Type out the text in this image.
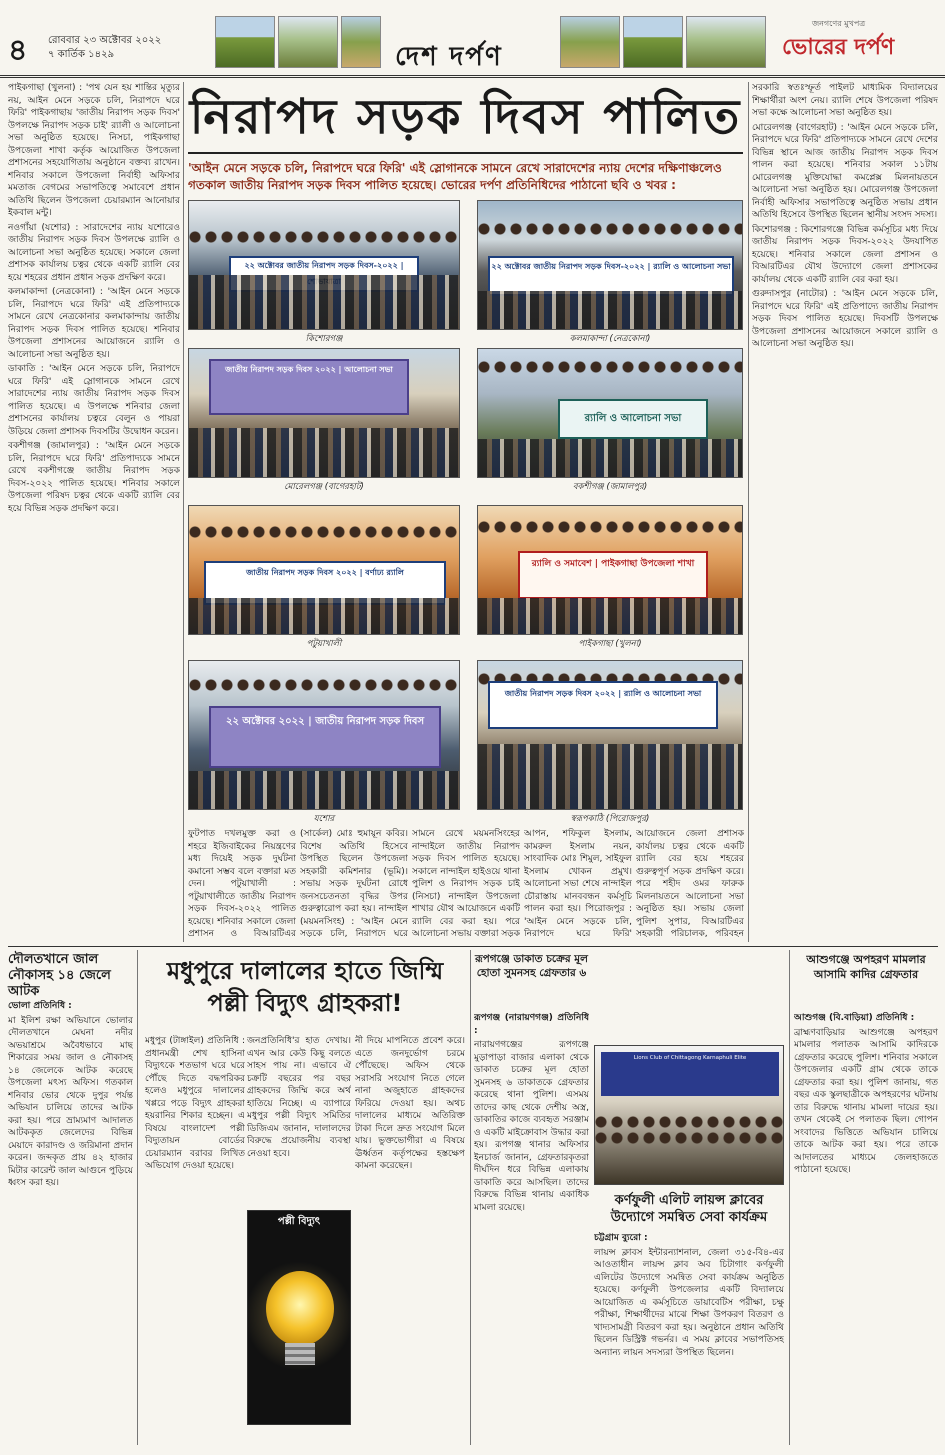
৪ রোববার ২৩ অক্টোবর ২০২২
৭ কার্তিক ১৪২৯	দেশ দর্পণ
জনগণের মুখপত্র
ভোরের দর্পণ
নিরাপদ সড়ক দিবস পালিত
'আইন মেনে সড়কে চলি, নিরাপদে ঘরে ফিরি' এই স্লোগানকে সামনে রেখে সারাদেশের ন্যায় দেশের দক্ষিণাঞ্চলেও গতকাল জাতীয় নিরাপদ সড়ক দিবস পালিত হয়েছে। ভোরের দর্পণ প্রতিনিধিদের পাঠানো ছবি ও খবর :

পাইকগাছা (খুলনা) : 'পথ যেন হয় শান্তির মৃত্যুর নয়, আইন মেনে সড়কে চলি, নিরাপদে ঘরে ফিরি' পাইকগাছায় 'জাতীয় নিরাপদ সড়ক দিবস' উপলক্ষে নিরাপদ সড়ক চাই' র‍্যালী ও আলোচনা সভা অনুষ্ঠিত হয়েছে। নিসচা, পাইকগাছা উপজেলা শাখা কর্তৃক আয়োজিত উপজেলা প্রশাসনের সহযোগিতায় অনুষ্ঠানে বক্তব্য রাখেন। শনিবার সকালে উপজেলা নির্বাহী অফিসার মমতাজ বেগমের সভাপতিত্বে সমাবেশে প্রধান অতিথি ছিলেন উপজেলা চেয়ারম্যান আনোয়ার ইকবাল মন্টু।

নওগাঁয়া (যশোর) : সারাদেশের ন্যায় যশোরেও জাতীয় নিরাপদ সড়ক দিবস উপলক্ষে র‍্যালি ও আলোচনা সভা অনুষ্ঠিত হয়েছে। সকালে জেলা প্রশাসক কার্যালয় চত্বর থেকে একটি র‍্যালি বের হয়ে শহরের প্রধান প্রধান সড়ক প্রদক্ষিণ করে।

কলমাকান্দা (নেত্রকোনা) : 'আইন মেনে সড়কে চলি, নিরাপদে ঘরে ফিরি' এই প্রতিপাদ্যকে সামনে রেখে নেত্রকোনার কলমাকান্দায় জাতীয় নিরাপদ সড়ক দিবস পালিত হয়েছে। শনিবার উপজেলা প্রশাসনের আয়োজনে র‍্যালি ও আলোচনা সভা অনুষ্ঠিত হয়।

ডাকাতি : 'আইন মেনে সড়কে চলি, নিরাপদে ঘরে ফিরি' এই স্লোগানকে সামনে রেখে সারাদেশের ন্যায় জাতীয় নিরাপদ সড়ক দিবস পালিত হয়েছে। এ উপলক্ষে শনিবার জেলা প্রশাসনের কার্যালয় চত্বরে বেলুন ও পায়রা উড়িয়ে জেলা প্রশাসক দিবসটির উদ্বোধন করেন।

বকশীগঞ্জ (জামালপুর) : 'আইন মেনে সড়কে চলি, নিরাপদে ঘরে ফিরি' প্রতিপাদ্যকে সামনে রেখে বকশীগঞ্জে জাতীয় নিরাপদ সড়ক দিবস-২০২২ পালিত হয়েছে। শনিবার সকালে উপজেলা পরিষদ চত্বর থেকে একটি র‍্যালি বের হয়ে বিভিন্ন সড়ক প্রদক্ষিণ করে।

সরকারি স্বতঃস্ফূর্ত পাইলট মাধ্যমিক বিদ্যালয়ের শিক্ষার্থীরা অংশ নেয়। র‍্যালি শেষে উপজেলা পরিষদ সভা কক্ষে আলোচনা সভা অনুষ্ঠিত হয়।

মোরেলগঞ্জ (বাগেরহাট) : 'আইন মেনে সড়কে চলি, নিরাপদে ঘরে ফিরি' প্রতিপাদ্যকে সামনে রেখে দেশের বিভিন্ন স্থানে আজ জাতীয় নিরাপদ সড়ক দিবস পালন করা হয়েছে। শনিবার সকাল ১১টায় মোরেলগঞ্জ মুক্তিযোদ্ধা কমপ্লেক্স মিলনায়তনে আলোচনা সভা অনুষ্ঠিত হয়। মোরেলগঞ্জ উপজেলা নির্বাহী অফিসার সভাপতিত্বে অনুষ্ঠিত সভায় প্রধান অতিথি হিসেবে উপস্থিত ছিলেন স্থানীয় সংসদ সদস্য।

কিশোরগঞ্জ : কিশোরগঞ্জে বিভিন্ন কর্মসূচির মধ্য দিয়ে জাতীয় নিরাপদ সড়ক দিবস-২০২২ উদযাপিত হয়েছে। শনিবার সকালে জেলা প্রশাসন ও বিআরটিএর যৌথ উদ্যোগে জেলা প্রশাসকের কার্যালয় থেকে একটি র‍্যালি বের করা হয়।

গুরুদাসপুর (নাটোর) : 'আইন মেনে সড়কে চলি, নিরাপদে ঘরে ফিরি' এই প্রতিপাদ্যে জাতীয় নিরাপদ সড়ক দিবস পালিত হয়েছে। দিবসটি উপলক্ষে উপজেলা প্রশাসনের আয়োজনে সকালে র‍্যালি ও আলোচনা সভা অনুষ্ঠিত হয়।

২২ অক্টোবর জাতীয় নিরাপদ সড়ক দিবস-২০২২ |
কিশোরগঞ্জ
২২ অক্টোবর জাতীয় নিরাপদ সড়ক দিবস-২০২২ | র‍্যালি ও আলোচনা সভা
কলমাকান্দা (নেত্রকোনা)
জাতীয় নিরাপদ সড়ক দিবস ২০২২ | আলোচনা সভা
মোরেলগঞ্জ (বাগেরহাট)
র‍্যালি ও আলোচনা সভা
বকশীগঞ্জ (জামালপুর)
জাতীয় নিরাপদ সড়ক দিবস ২০২২ | বর্ণাঢ্য র‍্যালি
পটুয়াখালী
র‍্যালি ও সমাবেশ | পাইকগাছা উপজেলা শাখা
পাইকগাছা (খুলনা)
২২ অক্টোবর ২০২২ | জাতীয় নিরাপদ সড়ক দিবস
যশোর
জাতীয় নিরাপদ সড়ক দিবস ২০২২ | র‍্যালি ও আলোচনা সভা
স্বরূপকাঠি (পিরোজপুর)
ফুটপাত দখলমুক্ত করা ও শহরে ইজিবাইকের নিয়ন্ত্রণের মধ্য দিয়েই সড়ক দুর্ঘটনা কমানো সম্ভব বলে বক্তারা মত দেন। পটুয়াখালী : পটুয়াখালীতে জাতীয় নিরাপদ সড়ক দিবস-২০২২ পালিত হয়েছে। শনিবার সকালে জেলা প্রশাসন ও বিআরটিএর
(সার্কেল) মোঃ হুমায়ূন কবির। বিশেষ অতিথি হিসেবে উপস্থিত ছিলেন উপজেলা সহকারী কমিশনার (ভূমি)। সভায় সড়ক দুর্ঘটনা রোধে জনসচেতনতা বৃদ্ধির উপর গুরুত্বারোপ করা হয়। নান্দাইল (ময়মনসিংহ) : 'আইন মেনে সড়কে চলি, নিরাপদে ঘরে
সামনে রেখে ময়মনসিংহের নান্দাইলে জাতীয় নিরাপদ সড়ক দিবস পালিত হয়েছে। সকালে নান্দাইল হাইওয়ে থানা পুলিশ ও নিরাপদ সড়ক চাই (নিসচা) নান্দাইল উপজেলা শাখার যৌথ আয়োজনে একটি র‍্যালি বের করা হয়। পরে আলোচনা সভায় বক্তারা সড়ক
আপন, শফিকুল ইসলাম, কামরুল ইসলাম নয়ন, সাংবাদিক মোঃ শিমুল, সাইফুল ইসলাম খোকন প্রমুখ। আলোচনা সভা শেষে নান্দাইল চৌরাস্তায় মানববন্ধন কর্মসূচি পালন করা হয়। পিরোজপুর : 'আইন মেনে সড়কে চলি, নিরাপদে ঘরে ফিরি'
আয়োজনে জেলা প্রশাসক কার্যালয় চত্বর থেকে একটি র‍্যালি বের হয়ে শহরের গুরুত্বপূর্ণ সড়ক প্রদক্ষিণ করে। পরে শহীদ ওমর ফারুক মিলনায়তনে আলোচনা সভা অনুষ্ঠিত হয়। সভায় জেলা পুলিশ সুপার, বিআরটিএর সহকারী পরিচালক, পরিবহন
দৌলতখানে জাল নৌকাসহ ১৪ জেলে আটক

ভোলা প্রতিনিধি :

মা ইলিশ রক্ষা অভিযানে ভোলার দৌলতখানে মেঘনা নদীর অভয়াশ্রমে অবৈধভাবে মাছ শিকারের সময় জাল ও নৌকাসহ ১৪ জেলেকে আটক করেছে উপজেলা মৎস্য অফিস। গতকাল শনিবার ভোর থেকে দুপুর পর্যন্ত অভিযান চালিয়ে তাদের আটক করা হয়। পরে ভ্রাম্যমাণ আদালত আটককৃত জেলেদের বিভিন্ন মেয়াদে কারাদণ্ড ও জরিমানা প্রদান করেন। জব্দকৃত প্রায় ৪২ হাজার মিটার কারেন্ট জাল আগুনে পুড়িয়ে ধ্বংস করা হয়।

মধুপুরে দালালের হাতে জিম্মি পল্লী বিদ্যুৎ গ্রাহকরা!
মধুপুর (টাঙ্গাইল) প্রতিনিধি : প্রধানমন্ত্রী শেখ হাসিনা বিদ্যুৎকে শতভাগ ঘরে ঘরে পৌঁছে দিতে বদ্ধপরিকর হলেও মধুপুরে দালালের খপ্পরে পড়ে বিদ্যুৎ গ্রাহকরা হয়রানির শিকার হচ্ছেন। এ বিষয়ে বাংলাদেশ পল্লী বিদ্যুতায়ন বোর্ডের চেয়ারম্যান বরাবর লিখিত অভিযোগ দেওয়া হয়েছে।
পল্লী বিদ্যুৎ
নী দিয়ে মাপনিতে প্রবেশ করে। এতে জনদুর্ভোগ চরমে পৌঁছেছে। অফিস থেকে সরাসরি সংযোগ নিতে গেলে নানা অজুহাতে গ্রাহকদের ফিরিয়ে দেওয়া হয়। অথচ দালালের মাধ্যমে অতিরিক্ত টাকা দিলে দ্রুত সংযোগ মিলে যায়। ভুক্তভোগীরা এ বিষয়ে ঊর্ধ্বতন কর্তৃপক্ষের হস্তক্ষেপ কামনা করেছেন।
জনপ্রতিনিধি'র হাত দেখায়। এখন আর কেউ কিছু বলতে সাহস পায় না। এভাবে ঐ চক্রটি বছরের পর বছর গ্রাহকদের জিম্মি করে অর্থ হাতিয়ে নিচ্ছে। এ ব্যাপারে মধুপুর পল্লী বিদ্যুৎ সমিতির ডিজিএম জানান, দালালদের বিরুদ্ধে প্রয়োজনীয় ব্যবস্থা নেওয়া হবে।
রূপগঞ্জে ডাকাত চক্রের মূল হোতা সুমনসহ গ্রেফতার ৬

রূপগঞ্জ (নারায়ণগঞ্জ) প্রতিনিধি :

নারায়ণগঞ্জের রূপগঞ্জে মুড়াপাড়া বাজার এলাকা থেকে ডাকাত চক্রের মূল হোতা সুমনসহ ৬ ডাকাতকে গ্রেফতার করেছে থানা পুলিশ। এসময় তাদের কাছ থেকে দেশীয় অস্ত্র, ডাকাতির কাজে ব্যবহৃত সরঞ্জাম ও একটি মাইক্রোবাস উদ্ধার করা হয়। রূপগঞ্জ থানার অফিসার ইনচার্জ জানান, গ্রেফতারকৃতরা দীর্ঘদিন ধরে বিভিন্ন এলাকায় ডাকাতি করে আসছিল। তাদের বিরুদ্ধে বিভিন্ন থানায় একাধিক মামলা রয়েছে।

Lions Club of Chittagong Karnaphuli Elite
কর্ণফুলী এলিট লায়ন্স ক্লাবের উদ্যোগে সমন্বিত সেবা কার্যক্রম

চট্টগ্রাম ব্যুরো :

লায়ন্স ক্লাবস ইন্টারন্যাশনাল, জেলা ৩১৫-বি৪-এর আওতাধীন লায়ন্স ক্লাব অব চিটাগাং কর্ণফুলী এলিটের উদ্যোগে সমন্বিত সেবা কার্যক্রম অনুষ্ঠিত হয়েছে। কর্ণফুলী উপজেলার একটি বিদ্যালয়ে আয়োজিত এ কর্মসূচিতে ডায়াবেটিস পরীক্ষা, চক্ষু পরীক্ষা, শিক্ষার্থীদের মাঝে শিক্ষা উপকরণ বিতরণ ও খাদ্যসামগ্রী বিতরণ করা হয়। অনুষ্ঠানে প্রধান অতিথি ছিলেন ডিস্ট্রিক্ট গভর্নর। এ সময় ক্লাবের সভাপতিসহ অন্যান্য লায়ন সদস্যরা উপস্থিত ছিলেন।

আশুগঞ্জে অপহরণ মামলার আসামি কাদির গ্রেফতার

আশুগঞ্জ (বি.বাড়িয়া) প্রতিনিধি :

ব্রাহ্মণবাড়িয়ার আশুগঞ্জে অপহরণ মামলার পলাতক আসামি কাদিরকে গ্রেফতার করেছে পুলিশ। শনিবার সকালে উপজেলার একটি গ্রাম থেকে তাকে গ্রেফতার করা হয়। পুলিশ জানায়, গত বছর এক স্কুলছাত্রীকে অপহরণের ঘটনায় তার বিরুদ্ধে থানায় মামলা দায়ের হয়। তখন থেকেই সে পলাতক ছিল। গোপন সংবাদের ভিত্তিতে অভিযান চালিয়ে তাকে আটক করা হয়। পরে তাকে আদালতের মাধ্যমে জেলহাজতে পাঠানো হয়েছে।
